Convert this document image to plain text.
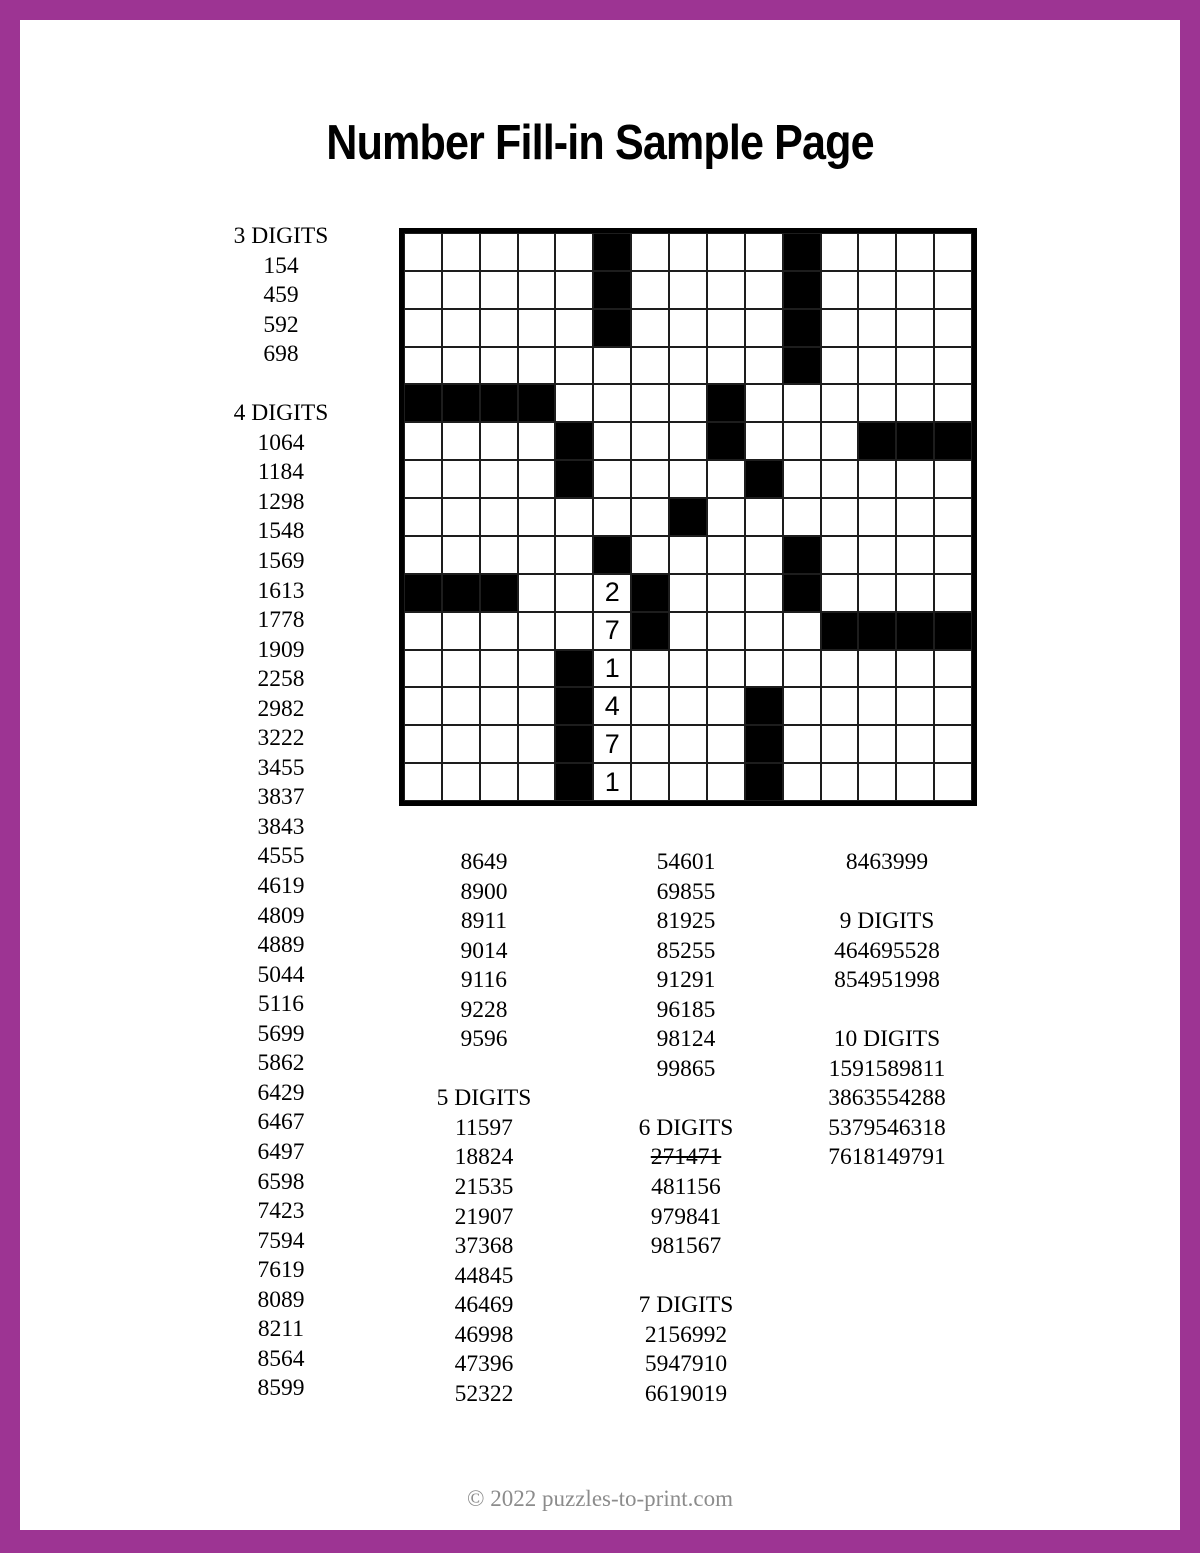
Number Fill-in Sample Page
2
7
1
4
7
1
3 DIGITS
154
459
592
698

4 DIGITS
1064
1184
1298
1548
1569
1613
1778
1909
2258
2982
3222
3455
3837
3843
4555
4619
4809
4889
5044
5116
5699
5862
6429
6467
6497
6598
7423
7594
7619
8089
8211
8564
8599
8649
8900
8911
9014
9116
9228
9596

5 DIGITS
11597
18824
21535
21907
37368
44845
46469
46998
47396
52322
54601
69855
81925
85255
91291
96185
98124
99865

6 DIGITS
271471
481156
979841
981567

7 DIGITS
2156992
5947910
6619019
8463999

9 DIGITS
464695528
854951998

10 DIGITS
1591589811
3863554288
5379546318
7618149791
© 2022 puzzles-to-print.com
